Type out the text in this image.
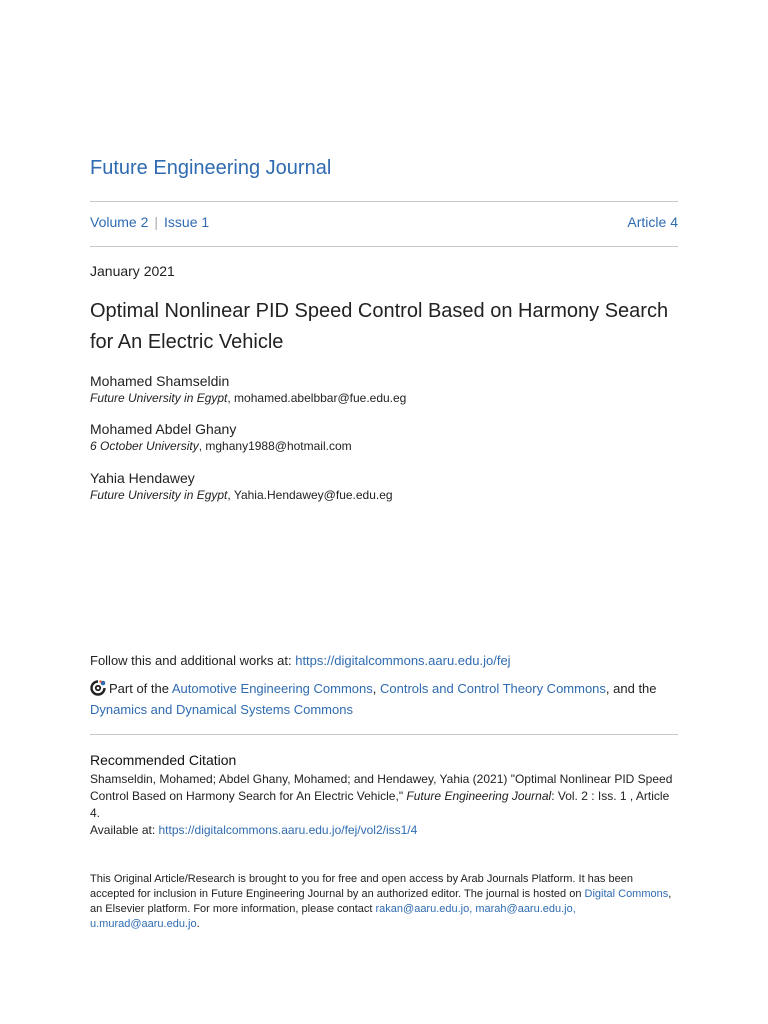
Future Engineering Journal
Volume 2 | Issue 1	Article 4
January 2021
Optimal Nonlinear PID Speed Control Based on Harmony Search for An Electric Vehicle
Mohamed Shamseldin
Future University in Egypt, mohamed.abelbbar@fue.edu.eg
Mohamed Abdel Ghany
6 October University, mghany1988@hotmail.com
Yahia Hendawey
Future University in Egypt, Yahia.Hendawey@fue.edu.eg
Follow this and additional works at: https://digitalcommons.aaru.edu.jo/fej
Part of the Automotive Engineering Commons, Controls and Control Theory Commons, and the
Dynamics and Dynamical Systems Commons
Recommended Citation
Shamseldin, Mohamed; Abdel Ghany, Mohamed; and Hendawey, Yahia (2021) "Optimal Nonlinear PID Speed Control Based on Harmony Search for An Electric Vehicle," Future Engineering Journal: Vol. 2 : Iss. 1 , Article 4.
Available at: https://digitalcommons.aaru.edu.jo/fej/vol2/iss1/4
This Original Article/Research is brought to you for free and open access by Arab Journals Platform. It has been accepted for inclusion in Future Engineering Journal by an authorized editor. The journal is hosted on Digital Commons, an Elsevier platform. For more information, please contact rakan@aaru.edu.jo, marah@aaru.edu.jo, u.murad@aaru.edu.jo.
